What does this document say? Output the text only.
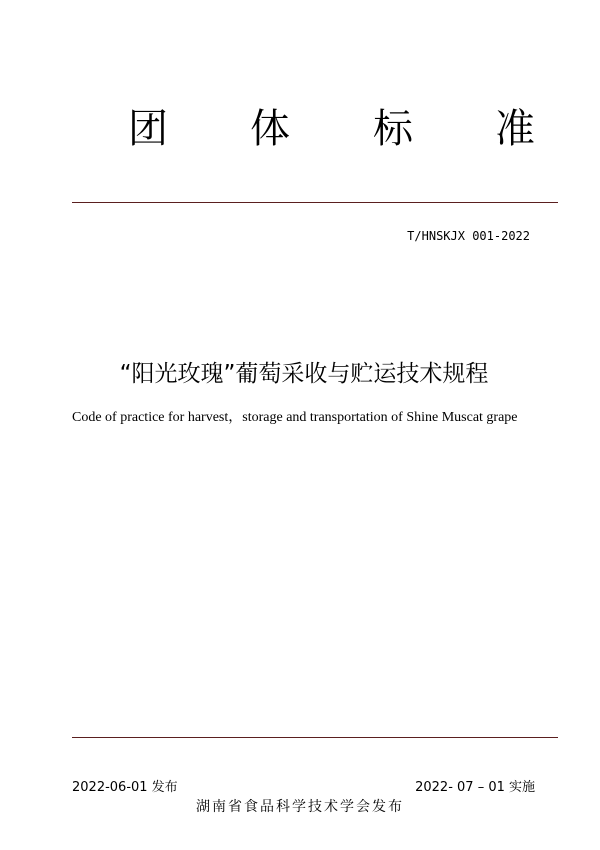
团 体 标 准
T/HNSKJX 001-2022
“阳光玫瑰”葡萄采收与贮运技术规程
Code of practice for harvest，storage and transportation of Shine Muscat grape
2022-06-01 发布	2022- 07 – 01 实施
湖南省食品科学技术学会发布
